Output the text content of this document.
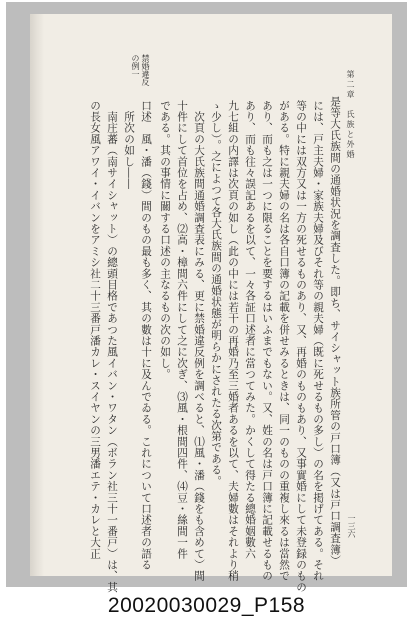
第二章　氏族と外婚
一三六
是等大氏族間の通婚状況を調査した。即ち、サイシャット族所管の戸口簿（又は戸口調査簿）
には、戸主夫婦・家族夫婦及びそれ等の親夫婦（既に死せるもの多し）の名を掲げてある。それ
等の中には双方又は一方の死せるものあり、又、再婚のものもあり、又事實婚にして未登録のもの
がある。特に親夫婦の名は各自口簿の記載を併せみるときは、同一のものの重複し來るは當然で
あり、而も之は一つに限ることを要するはいふまでもない。又、姓の名は戸口簿に記載せるもの
あり、而も往々誤記あるを以て、一々各証口述者に當つてみた。かくして得たる總婚姻數六
九七組の内譯は次頁の如し（此の中には若干の再婚乃至三婚者あるを以て、夫婦數はそれより稍
ゝ少し）。之によつて各大氏族間の通婚状態が明らかにされたる次第である。
　次頁の大氏族間通婚調査表にみる、更に禁婚違反例を調べると、⑴風・潘（錢をも含めて）間
十件にして首位を占め、⑵高・樟間六件にして之に次ぎ、⑶風・根間四件、⑷豆・絲間一件
である。其の事情に關する口述の主なるもの次の如し。
口述　風・潘（錢）間のもの最も多く、其の數は十に及んでゐる。これについて口述者の語る
　所次の如し――
　南庄蕃（南サイシャット）の總頭目格であつた風イバン・ワタン（ボラン社三十一番戸）は、其
の長女風アワイ・イバンをアミシ社二十三番戸潘カレ・スイヤンの三男潘エテ・カレと大正
禁婚違反
の例一
20020030029_P158
